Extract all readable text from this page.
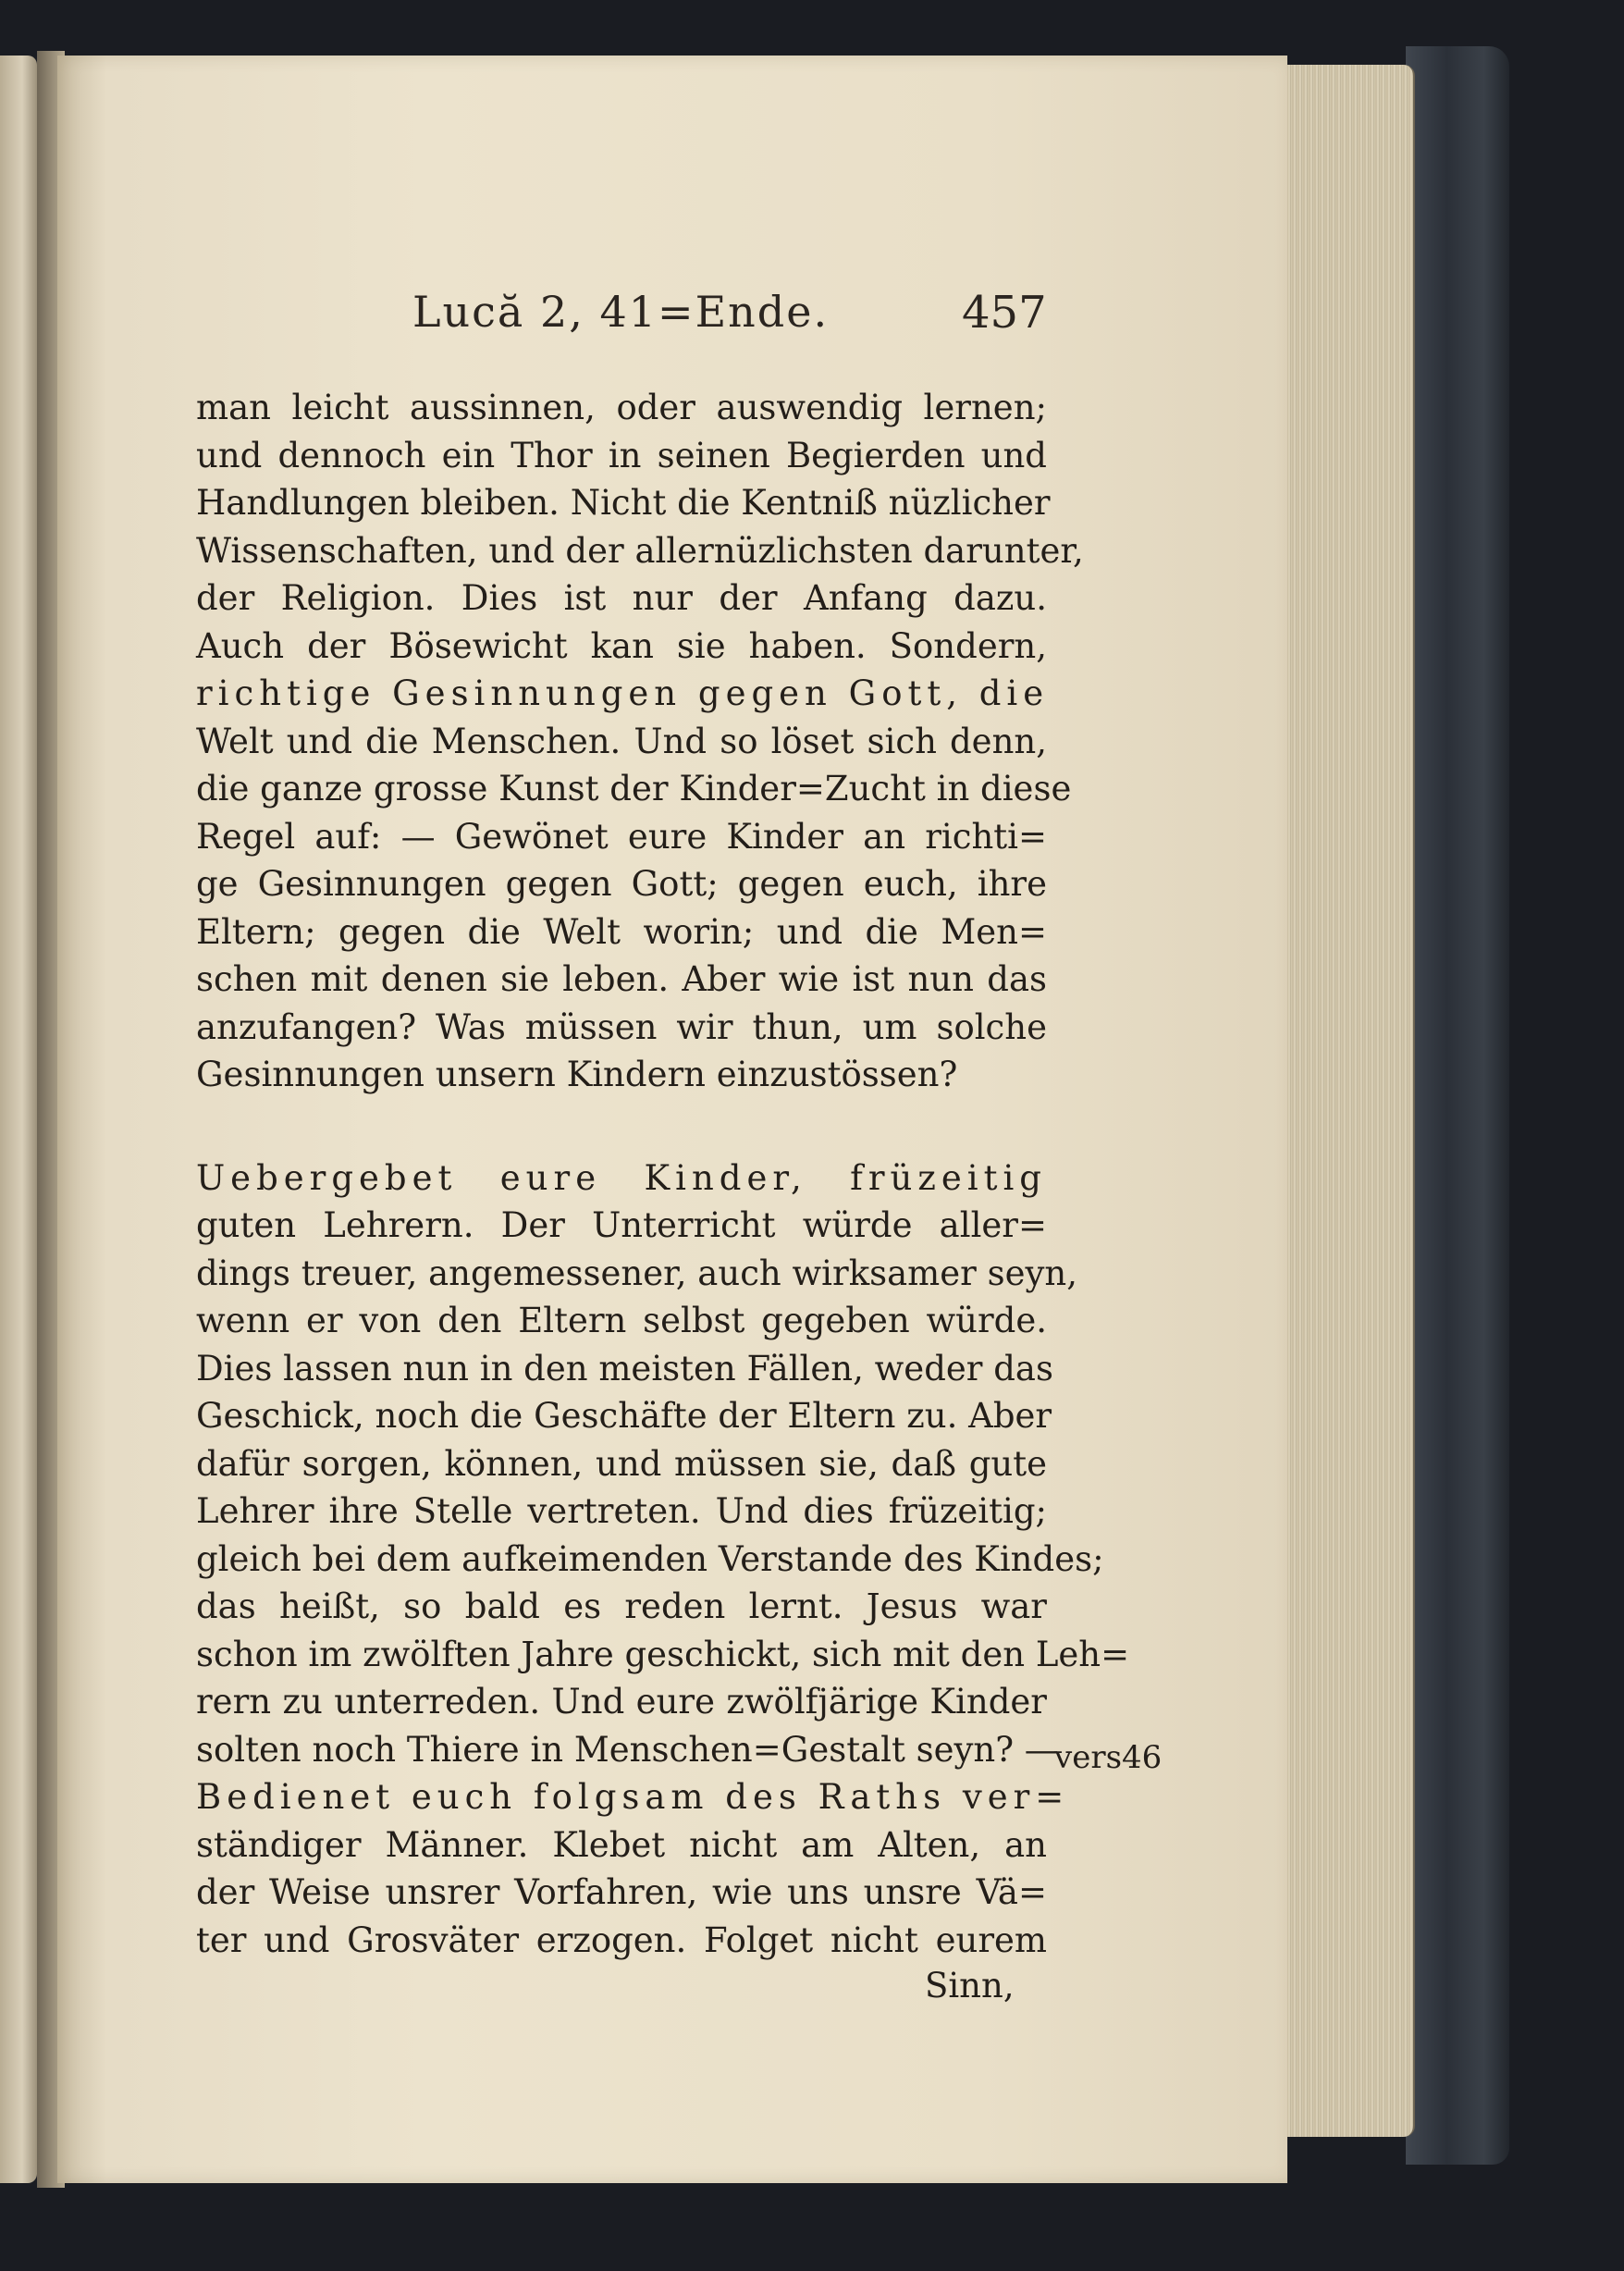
Lucă 2, 41=Ende.	457

man leicht aussinnen, oder auswendig lernen;
und dennoch ein Thor in seinen Begierden und
Handlungen bleiben. Nicht die Kentniß nüzlicher
Wissenschaften, und der allernüzlichsten darunter,
der Religion. Dies ist nur der Anfang dazu.
Auch der Bösewicht kan sie haben. Sondern,
richtige Gesinnungen gegen Gott, die
Welt und die Menschen. Und so löset sich denn,
die ganze grosse Kunst der Kinder=Zucht in diese
Regel auf: — Gewönet eure Kinder an richti=
ge Gesinnungen gegen Gott; gegen euch, ihre
Eltern; gegen die Welt worin; und die Men=
schen mit denen sie leben. Aber wie ist nun das
anzufangen? Was müssen wir thun, um solche
Gesinnungen unsern Kindern einzustössen?

Uebergebet eure Kinder, früzeitig
guten Lehrern. Der Unterricht würde aller=
dings treuer, angemessener, auch wirksamer seyn,
wenn er von den Eltern selbst gegeben würde.
Dies lassen nun in den meisten Fällen, weder das
Geschick, noch die Geschäfte der Eltern zu. Aber
dafür sorgen, können, und müssen sie, daß gute
Lehrer ihre Stelle vertreten. Und dies früzeitig;
gleich bei dem aufkeimenden Verstande des Kindes;
das heißt, so bald es reden lernt. Jesus war
schon im zwölften Jahre geschickt, sich mit den Leh=
rern zu unterreden. Und eure zwölfjärige Kinder
solten noch Thiere in Menschen=Gestalt seyn? —
Bedienet euch folgsam des Raths ver=
ständiger Männer. Klebet nicht am Alten, an
der Weise unsrer Vorfahren, wie uns unsre Vä=
ter und Grosväter erzogen. Folget nicht eurem

vers46
Sinn,
